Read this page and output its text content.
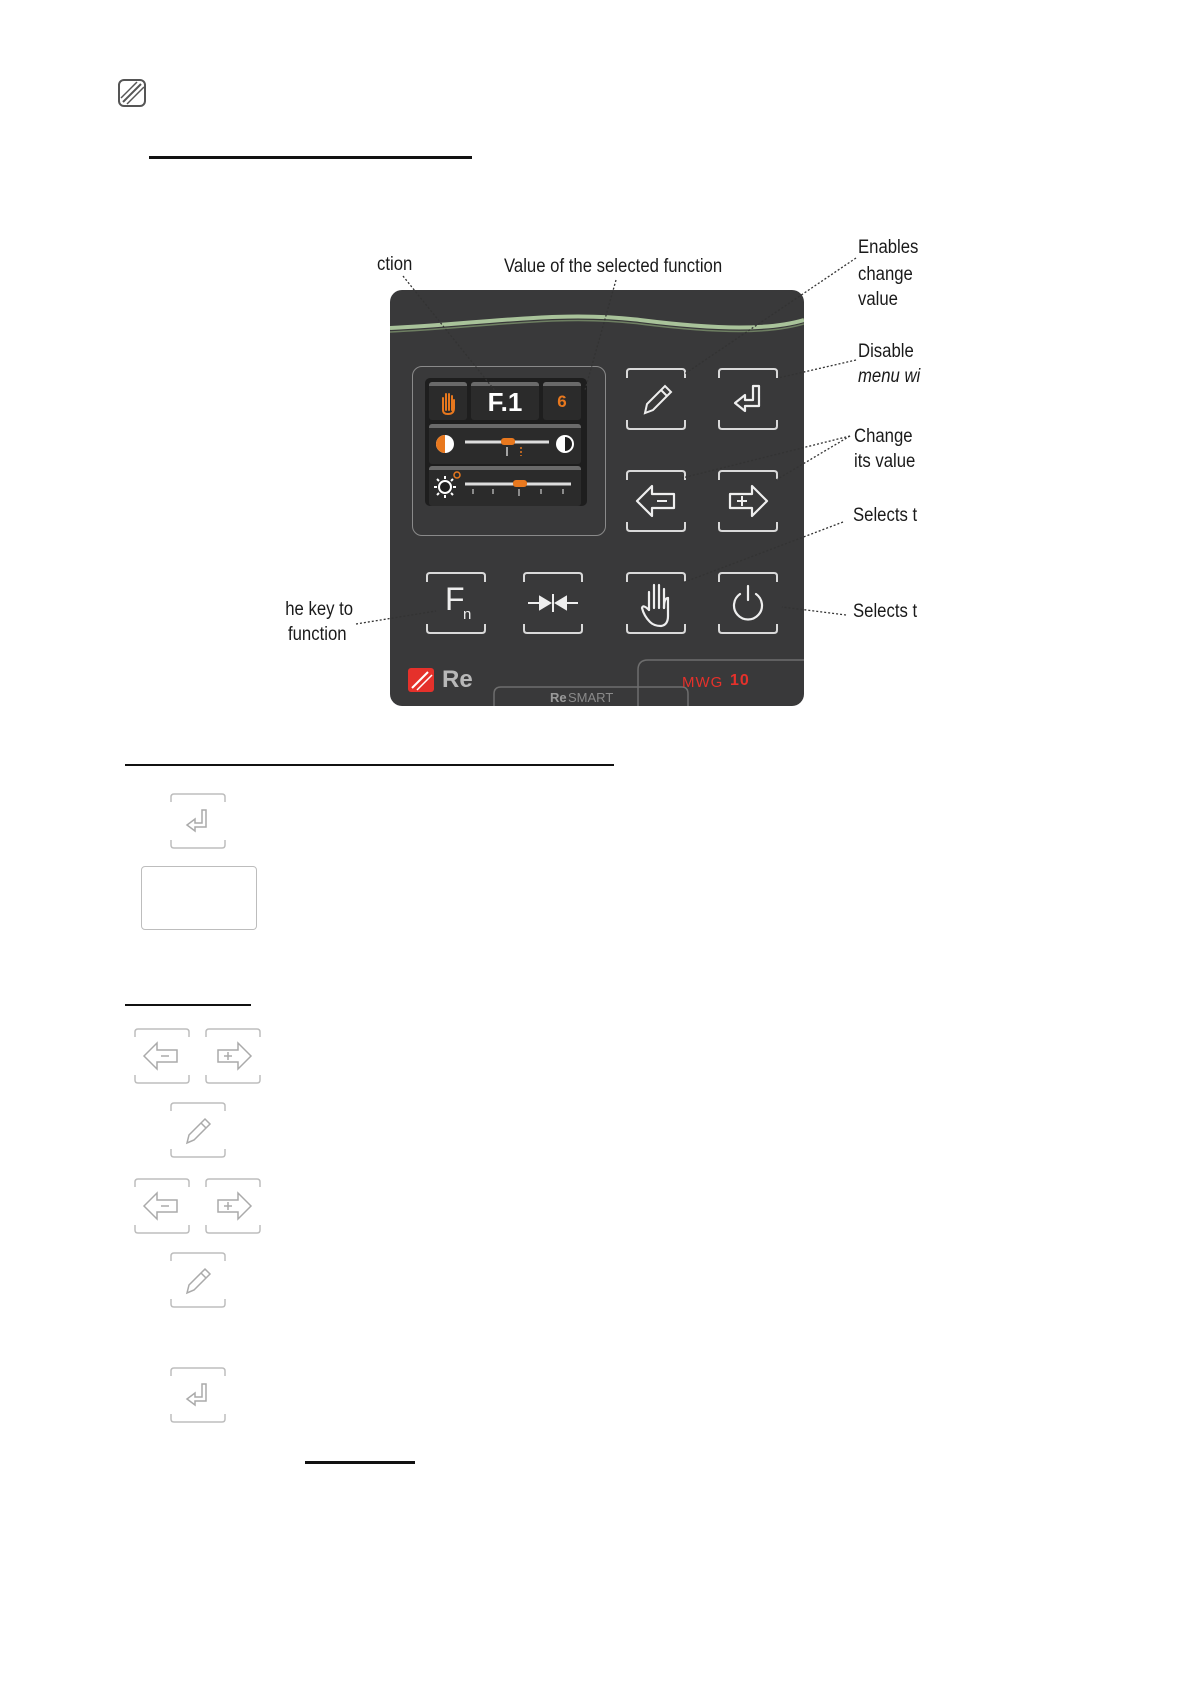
ction	Value of the selected function
Enables
change
value
Disable
menu wi
Change
its value
Selects t
Selects t
he key to
function
F.1	6
F
n
Re
Re SMART
MWG 10
